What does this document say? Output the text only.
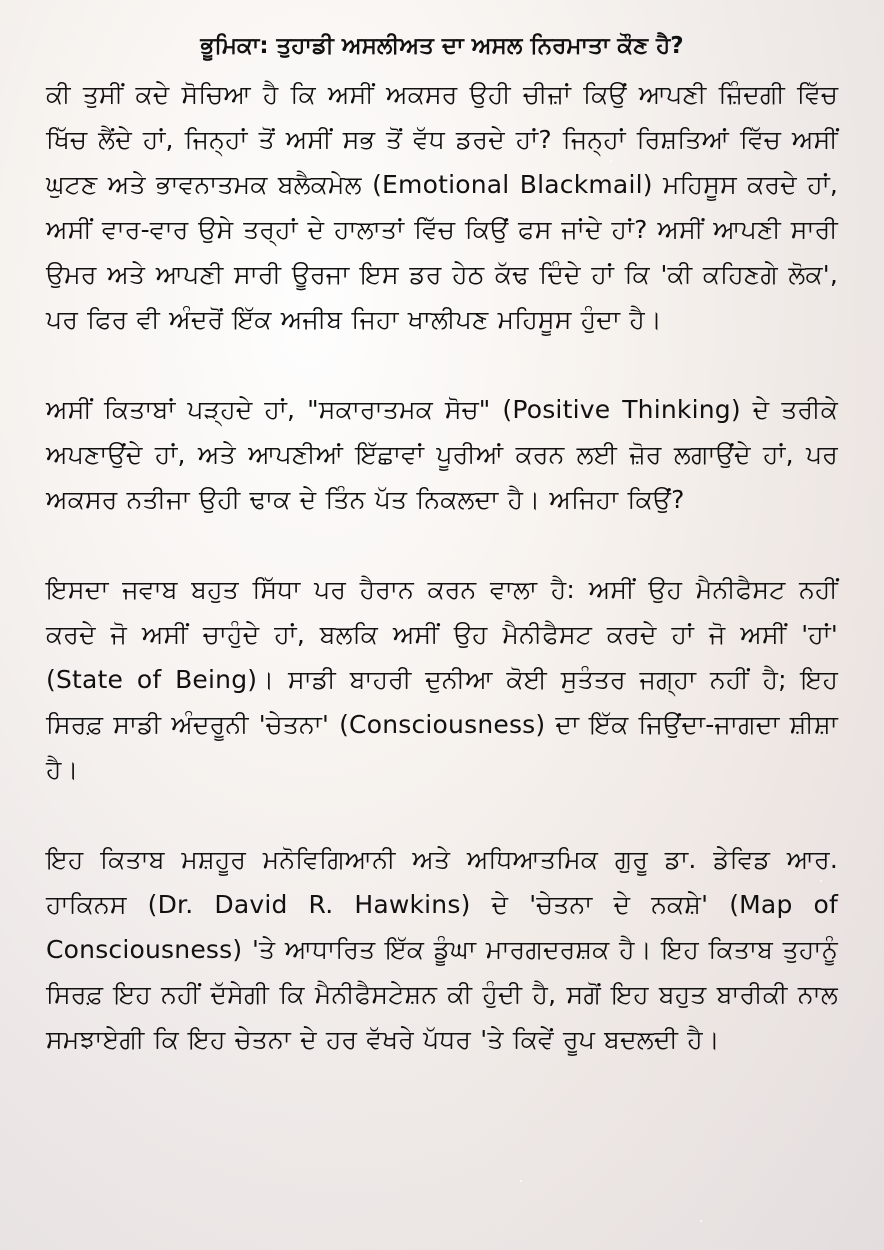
ਭੂਮਿਕਾ: ਤੁਹਾਡੀ ਅਸਲੀਅਤ ਦਾ ਅਸਲ ਨਿਰਮਾਤਾ ਕੌਣ ਹੈ?

ਕੀ ਤੁਸੀਂ ਕਦੇ ਸੋਚਿਆ ਹੈ ਕਿ ਅਸੀਂ ਅਕਸਰ ਉਹੀ ਚੀਜ਼ਾਂ ਕਿਉਂ ਆਪਣੀ ਜ਼ਿੰਦਗੀ ਵਿੱਚ ਖਿੱਚ ਲੈਂਦੇ ਹਾਂ, ਜਿਨ੍ਹਾਂ ਤੋਂ ਅਸੀਂ ਸਭ ਤੋਂ ਵੱਧ ਡਰਦੇ ਹਾਂ? ਜਿਨ੍ਹਾਂ ਰਿਸ਼ਤਿਆਂ ਵਿੱਚ ਅਸੀਂ ਘੁਟਣ ਅਤੇ ਭਾਵਨਾਤਮਕ ਬਲੈਕਮੇਲ (Emotional Blackmail) ਮਹਿਸੂਸ ਕਰਦੇ ਹਾਂ, ਅਸੀਂ ਵਾਰ-ਵਾਰ ਉਸੇ ਤਰ੍ਹਾਂ ਦੇ ਹਾਲਾਤਾਂ ਵਿੱਚ ਕਿਉਂ ਫਸ ਜਾਂਦੇ ਹਾਂ? ਅਸੀਂ ਆਪਣੀ ਸਾਰੀ ਉਮਰ ਅਤੇ ਆਪਣੀ ਸਾਰੀ ਊਰਜਾ ਇਸ ਡਰ ਹੇਠ ਕੱਢ ਦਿੰਦੇ ਹਾਂ ਕਿ 'ਕੀ ਕਹਿਣਗੇ ਲੋਕ', ਪਰ ਫਿਰ ਵੀ ਅੰਦਰੋਂ ਇੱਕ ਅਜੀਬ ਜਿਹਾ ਖਾਲੀਪਣ ਮਹਿਸੂਸ ਹੁੰਦਾ ਹੈ।

ਅਸੀਂ ਕਿਤਾਬਾਂ ਪੜ੍ਹਦੇ ਹਾਂ, "ਸਕਾਰਾਤਮਕ ਸੋਚ" (Positive Thinking) ਦੇ ਤਰੀਕੇ ਅਪਣਾਉਂਦੇ ਹਾਂ, ਅਤੇ ਆਪਣੀਆਂ ਇੱਛਾਵਾਂ ਪੂਰੀਆਂ ਕਰਨ ਲਈ ਜ਼ੋਰ ਲਗਾਉਂਦੇ ਹਾਂ, ਪਰ ਅਕਸਰ ਨਤੀਜਾ ਉਹੀ ਢਾਕ ਦੇ ਤਿੰਨ ਪੱਤ ਨਿਕਲਦਾ ਹੈ। ਅਜਿਹਾ ਕਿਉਂ?

ਇਸਦਾ ਜਵਾਬ ਬਹੁਤ ਸਿੱਧਾ ਪਰ ਹੈਰਾਨ ਕਰਨ ਵਾਲਾ ਹੈ: ਅਸੀਂ ਉਹ ਮੈਨੀਫੈਸਟ ਨਹੀਂ ਕਰਦੇ ਜੋ ਅਸੀਂ ਚਾਹੁੰਦੇ ਹਾਂ, ਬਲਕਿ ਅਸੀਂ ਉਹ ਮੈਨੀਫੈਸਟ ਕਰਦੇ ਹਾਂ ਜੋ ਅਸੀਂ 'ਹਾਂ' (State of Being)। ਸਾਡੀ ਬਾਹਰੀ ਦੁਨੀਆ ਕੋਈ ਸੁਤੰਤਰ ਜਗ੍ਹਾ ਨਹੀਂ ਹੈ; ਇਹ ਸਿਰਫ਼ ਸਾਡੀ ਅੰਦਰੂਨੀ 'ਚੇਤਨਾ' (Consciousness) ਦਾ ਇੱਕ ਜਿਉਂਦਾ-ਜਾਗਦਾ ਸ਼ੀਸ਼ਾ ਹੈ।

ਇਹ ਕਿਤਾਬ ਮਸ਼ਹੂਰ ਮਨੋਵਿਗਿਆਨੀ ਅਤੇ ਅਧਿਆਤਮਿਕ ਗੁਰੂ ਡਾ. ਡੇਵਿਡ ਆਰ. ਹਾਕਿਨਸ (Dr. David R. Hawkins) ਦੇ 'ਚੇਤਨਾ ਦੇ ਨਕਸ਼ੇ' (Map of Consciousness) 'ਤੇ ਆਧਾਰਿਤ ਇੱਕ ਡੂੰਘਾ ਮਾਰਗਦਰਸ਼ਕ ਹੈ। ਇਹ ਕਿਤਾਬ ਤੁਹਾਨੂੰ ਸਿਰਫ਼ ਇਹ ਨਹੀਂ ਦੱਸੇਗੀ ਕਿ ਮੈਨੀਫੈਸਟੇਸ਼ਨ ਕੀ ਹੁੰਦੀ ਹੈ, ਸਗੋਂ ਇਹ ਬਹੁਤ ਬਾਰੀਕੀ ਨਾਲ ਸਮਝਾਏਗੀ ਕਿ ਇਹ ਚੇਤਨਾ ਦੇ ਹਰ ਵੱਖਰੇ ਪੱਧਰ 'ਤੇ ਕਿਵੇਂ ਰੂਪ ਬਦਲਦੀ ਹੈ।
